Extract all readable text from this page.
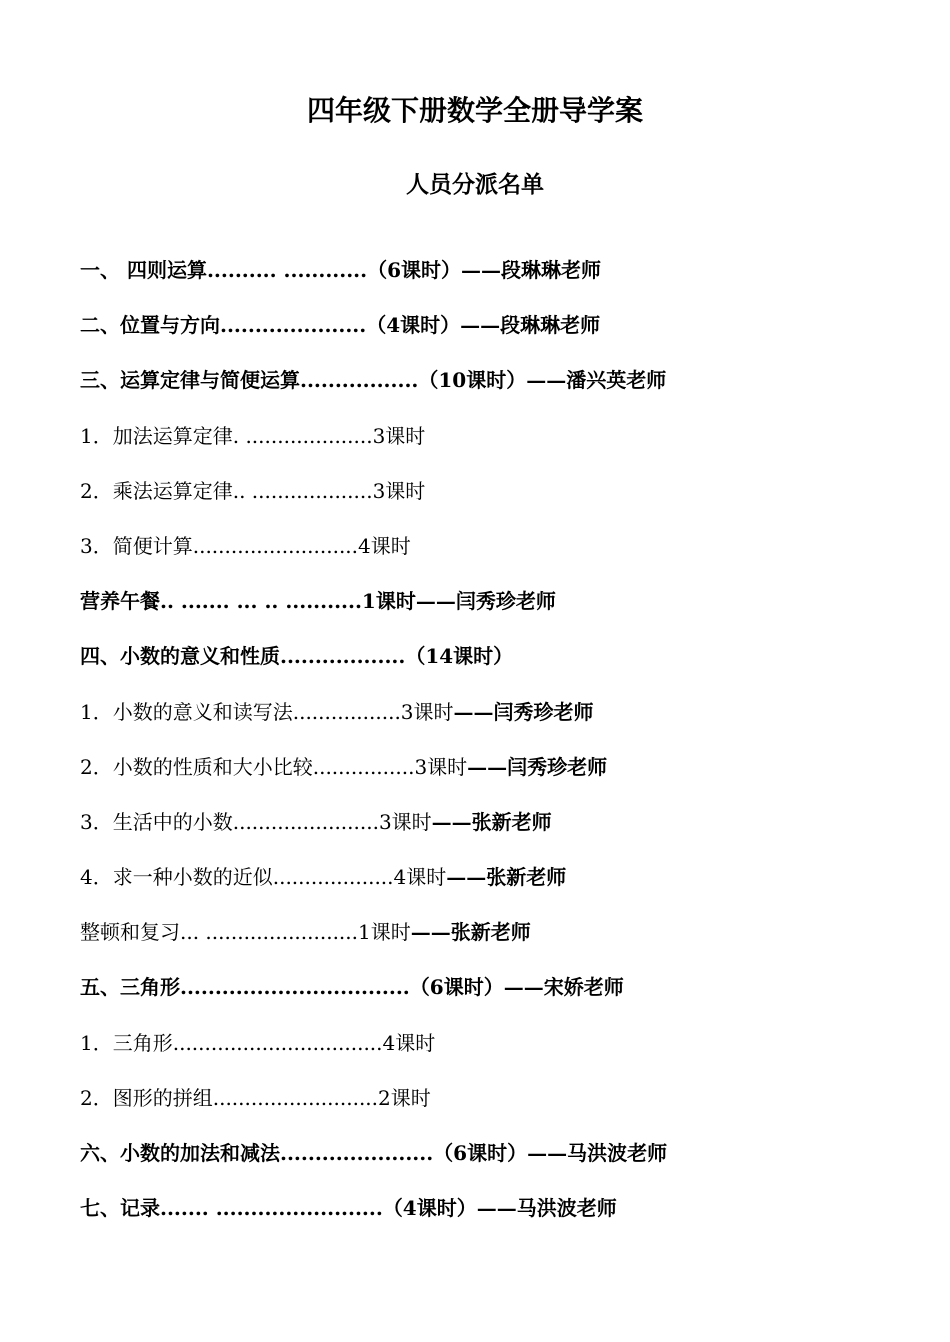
四年级下册数学全册导学案
人员分派名单
一、 四则运算.......... ............（6课时）——段琳琳老师
二、位置与方向.....................（4课时）——段琳琳老师
三、运算定律与简便运算.................（10课时）——潘兴英老师
1．加法运算定律. ....................3课时
2．乘法运算定律.. ...................3课时
3．简便计算..........................4课时
营养午餐.. ....... ... .. ...........1课时——闫秀珍老师
四、小数的意义和性质..................（14课时）
1．小数的意义和读写法.................3课时——闫秀珍老师
2．小数的性质和大小比较................3课时——闫秀珍老师
3．生活中的小数.......................3课时——张新老师
4．求一种小数的近似...................4课时——张新老师
整顿和复习... ........................1课时——张新老师
五、三角形.................................（6课时）——宋娇老师
1．三角形.................................4课时
2．图形的拼组..........................2课时
六、小数的加法和减法......................（6课时）——马洪波老师
七、记录....... ........................（4课时）——马洪波老师
